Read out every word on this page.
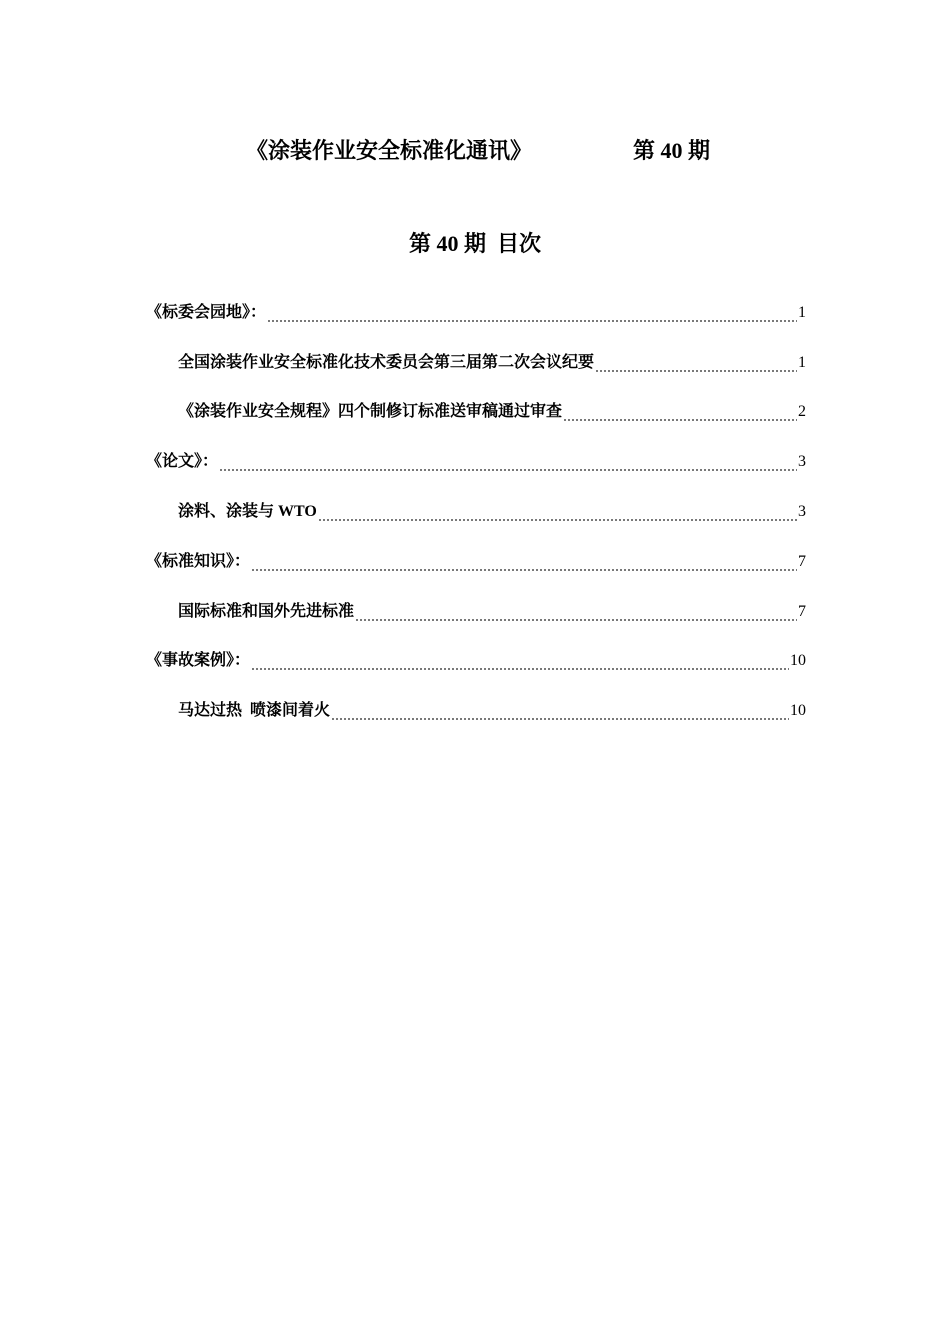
《涂装作业安全标准化通讯》	第 40 期
第 40 期  目次
《标委会园地》：	1
全国涂装作业安全标准化技术委员会第三届第二次会议纪要	1
《涂装作业安全规程》四个制修订标准送审稿通过审查	2
《论文》：	3
涂料、涂装与 WTO	3
《标准知识》：	7
国际标准和国外先进标准	7
《事故案例》：	10
马达过热  喷漆间着火	10
